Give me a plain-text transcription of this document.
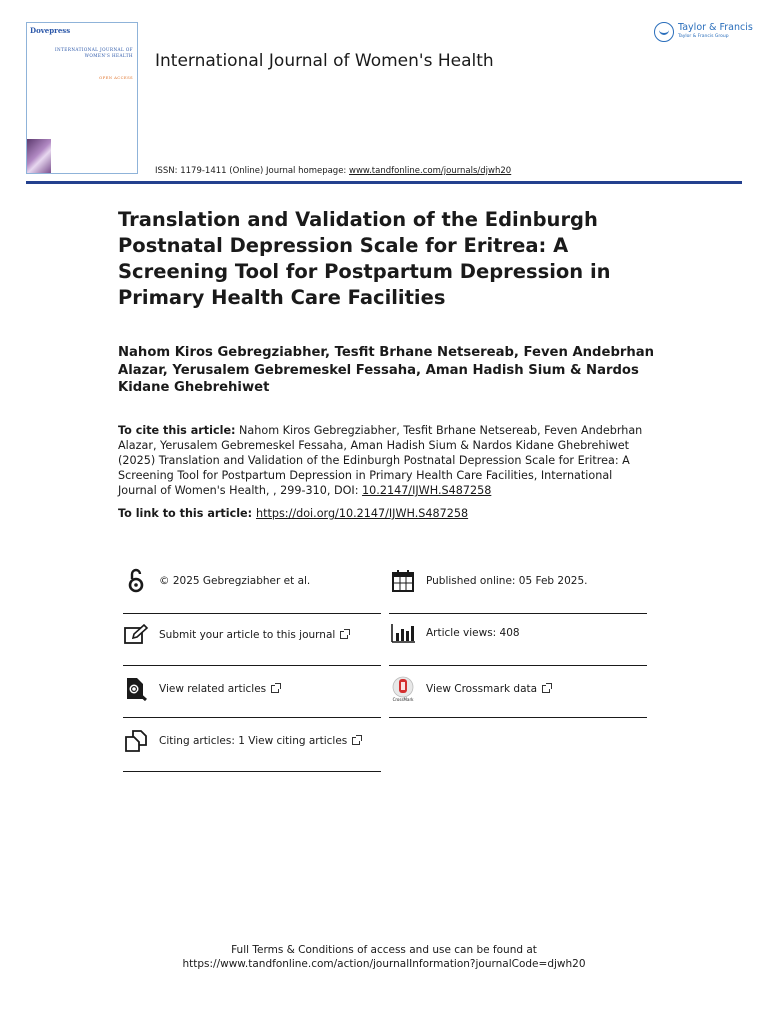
Dovepress
INTERNATIONAL JOURNAL OF WOMEN'S HEALTH
OPEN ACCESS
International Journal of Women's Health
Taylor & Francis
Taylor & Francis Group
ISSN: 1179-1411 (Online) Journal homepage: www.tandfonline.com/journals/djwh20
Translation and Validation of the Edinburgh Postnatal Depression Scale for Eritrea: A Screening Tool for Postpartum Depression in Primary Health Care Facilities
Nahom Kiros Gebregziabher, Tesfit Brhane Netsereab, Feven Andebrhan Alazar, Yerusalem Gebremeskel Fessaha, Aman Hadish Sium & Nardos Kidane Ghebrehiwet
To cite this article: Nahom Kiros Gebregziabher, Tesfit Brhane Netsereab, Feven Andebrhan Alazar, Yerusalem Gebremeskel Fessaha, Aman Hadish Sium & Nardos Kidane Ghebrehiwet (2025) Translation and Validation of the Edinburgh Postnatal Depression Scale for Eritrea: A Screening Tool for Postpartum Depression in Primary Health Care Facilities, International Journal of Women's Health, , 299-310, DOI: 10.2147/IJWH.S487258
To link to this article: https://doi.org/10.2147/IJWH.S487258
© 2025 Gebregziabher et al.	Published online: 05 Feb 2025.
Submit your article to this journal	Article views: 408
View related articles
CrossMark
View Crossmark data
Citing articles: 1 View citing articles
Full Terms & Conditions of access and use can be found at
https://www.tandfonline.com/action/journalInformation?journalCode=djwh20
